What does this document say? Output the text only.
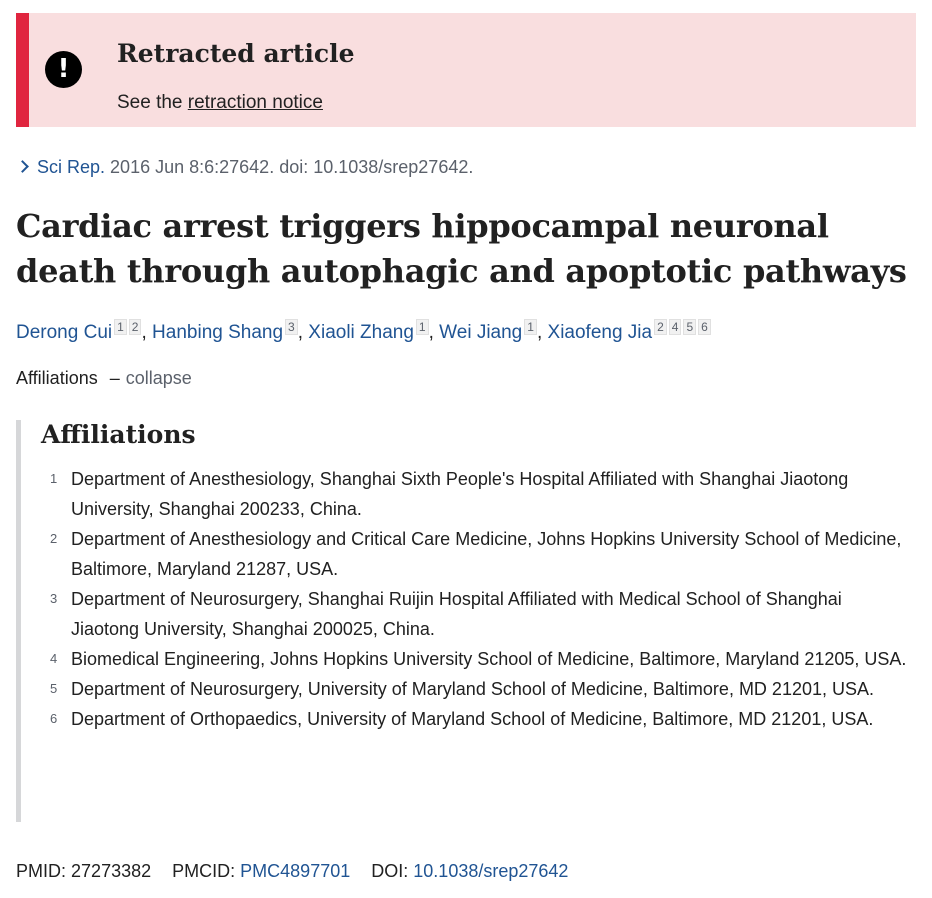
!
Retracted article
See the retraction notice
Sci Rep. 2016 Jun 8:6:27642. doi: 10.1038/srep27642.
Cardiac arrest triggers hippocampal neuronal death through autophagic and apoptotic pathways
Derong Cui 1 2 , Hanbing Shang 3 , Xiaoli Zhang 1 , Wei Jiang 1 , Xiaofeng Jia 2 4 5 6
Affiliations – collapse
Affiliations
1 Department of Anesthesiology, Shanghai Sixth People's Hospital Affiliated with Shanghai Jiaotong University, Shanghai 200233, China.
2 Department of Anesthesiology and Critical Care Medicine, Johns Hopkins University School of Medicine, Baltimore, Maryland 21287, USA.
3 Department of Neurosurgery, Shanghai Ruijin Hospital Affiliated with Medical School of Shanghai Jiaotong University, Shanghai 200025, China.
4 Biomedical Engineering, Johns Hopkins University School of Medicine, Baltimore, Maryland 21205, USA.
5 Department of Neurosurgery, University of Maryland School of Medicine, Baltimore, MD 21201, USA.
6 Department of Orthopaedics, University of Maryland School of Medicine, Baltimore, MD 21201, USA.
PMID: 27273382 PMCID: PMC4897701 DOI: 10.1038/srep27642
